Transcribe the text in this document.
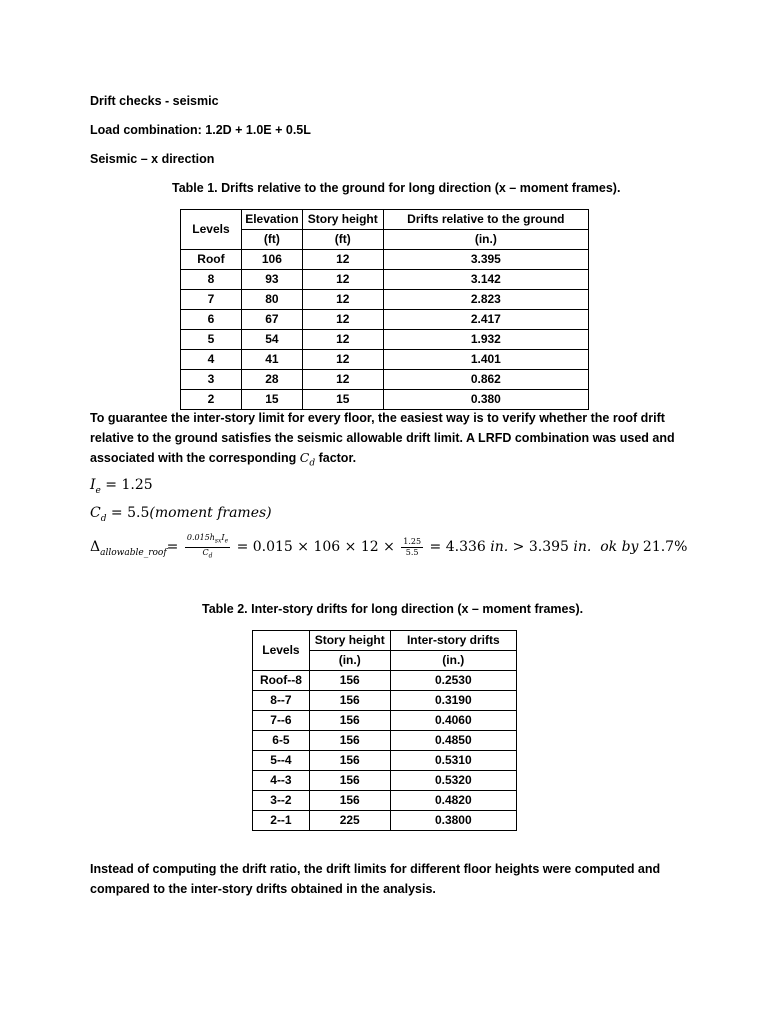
Drift checks - seismic
Load combination: 1.2D + 1.0E + 0.5L
Seismic – x direction
Table 1. Drifts relative to the ground for long direction (x – moment frames).
Levels	Elevation	Story height	Drifts relative to the ground
	(ft)	(ft)	(in.)
Roof	106	12	3.395
8	93	12	3.142
7	80	12	2.823
6	67	12	2.417
5	54	12	1.932
4	41	12	1.401
3	28	12	0.862
2	15	15	0.380
To guarantee the inter-story limit for every floor, the easiest way is to verify whether the roof drift relative to the ground satisfies the seismic allowable drift limit. A LRFD combination was used and associated with the corresponding $C_d$ factor.
$I_e = 1.25$
$C_d$ = 5.5(moment frames)
$\Delta_{allowable\_roof}= \frac{0.015h_{sx}I_e}{C_d} = 0.015 \times 106 \times 12 \times \frac{1.25}{5.5} = 4.336$ in. > 3.395 in. ok by 21.7%
Table 2. Inter-story drifts for long direction (x – moment frames).
Levels	Story height	Inter-story drifts
	(in.)	(in.)
Roof--8	156	0.2530
8--7	156	0.3190
7--6	156	0.4060
6-5	156	0.4850
5--4	156	0.5310
4--3	156	0.5320
3--2	156	0.4820
2--1	225	0.3800
Instead of computing the drift ratio, the drift limits for different floor heights were computed and compared to the inter-story drifts obtained in the analysis.
